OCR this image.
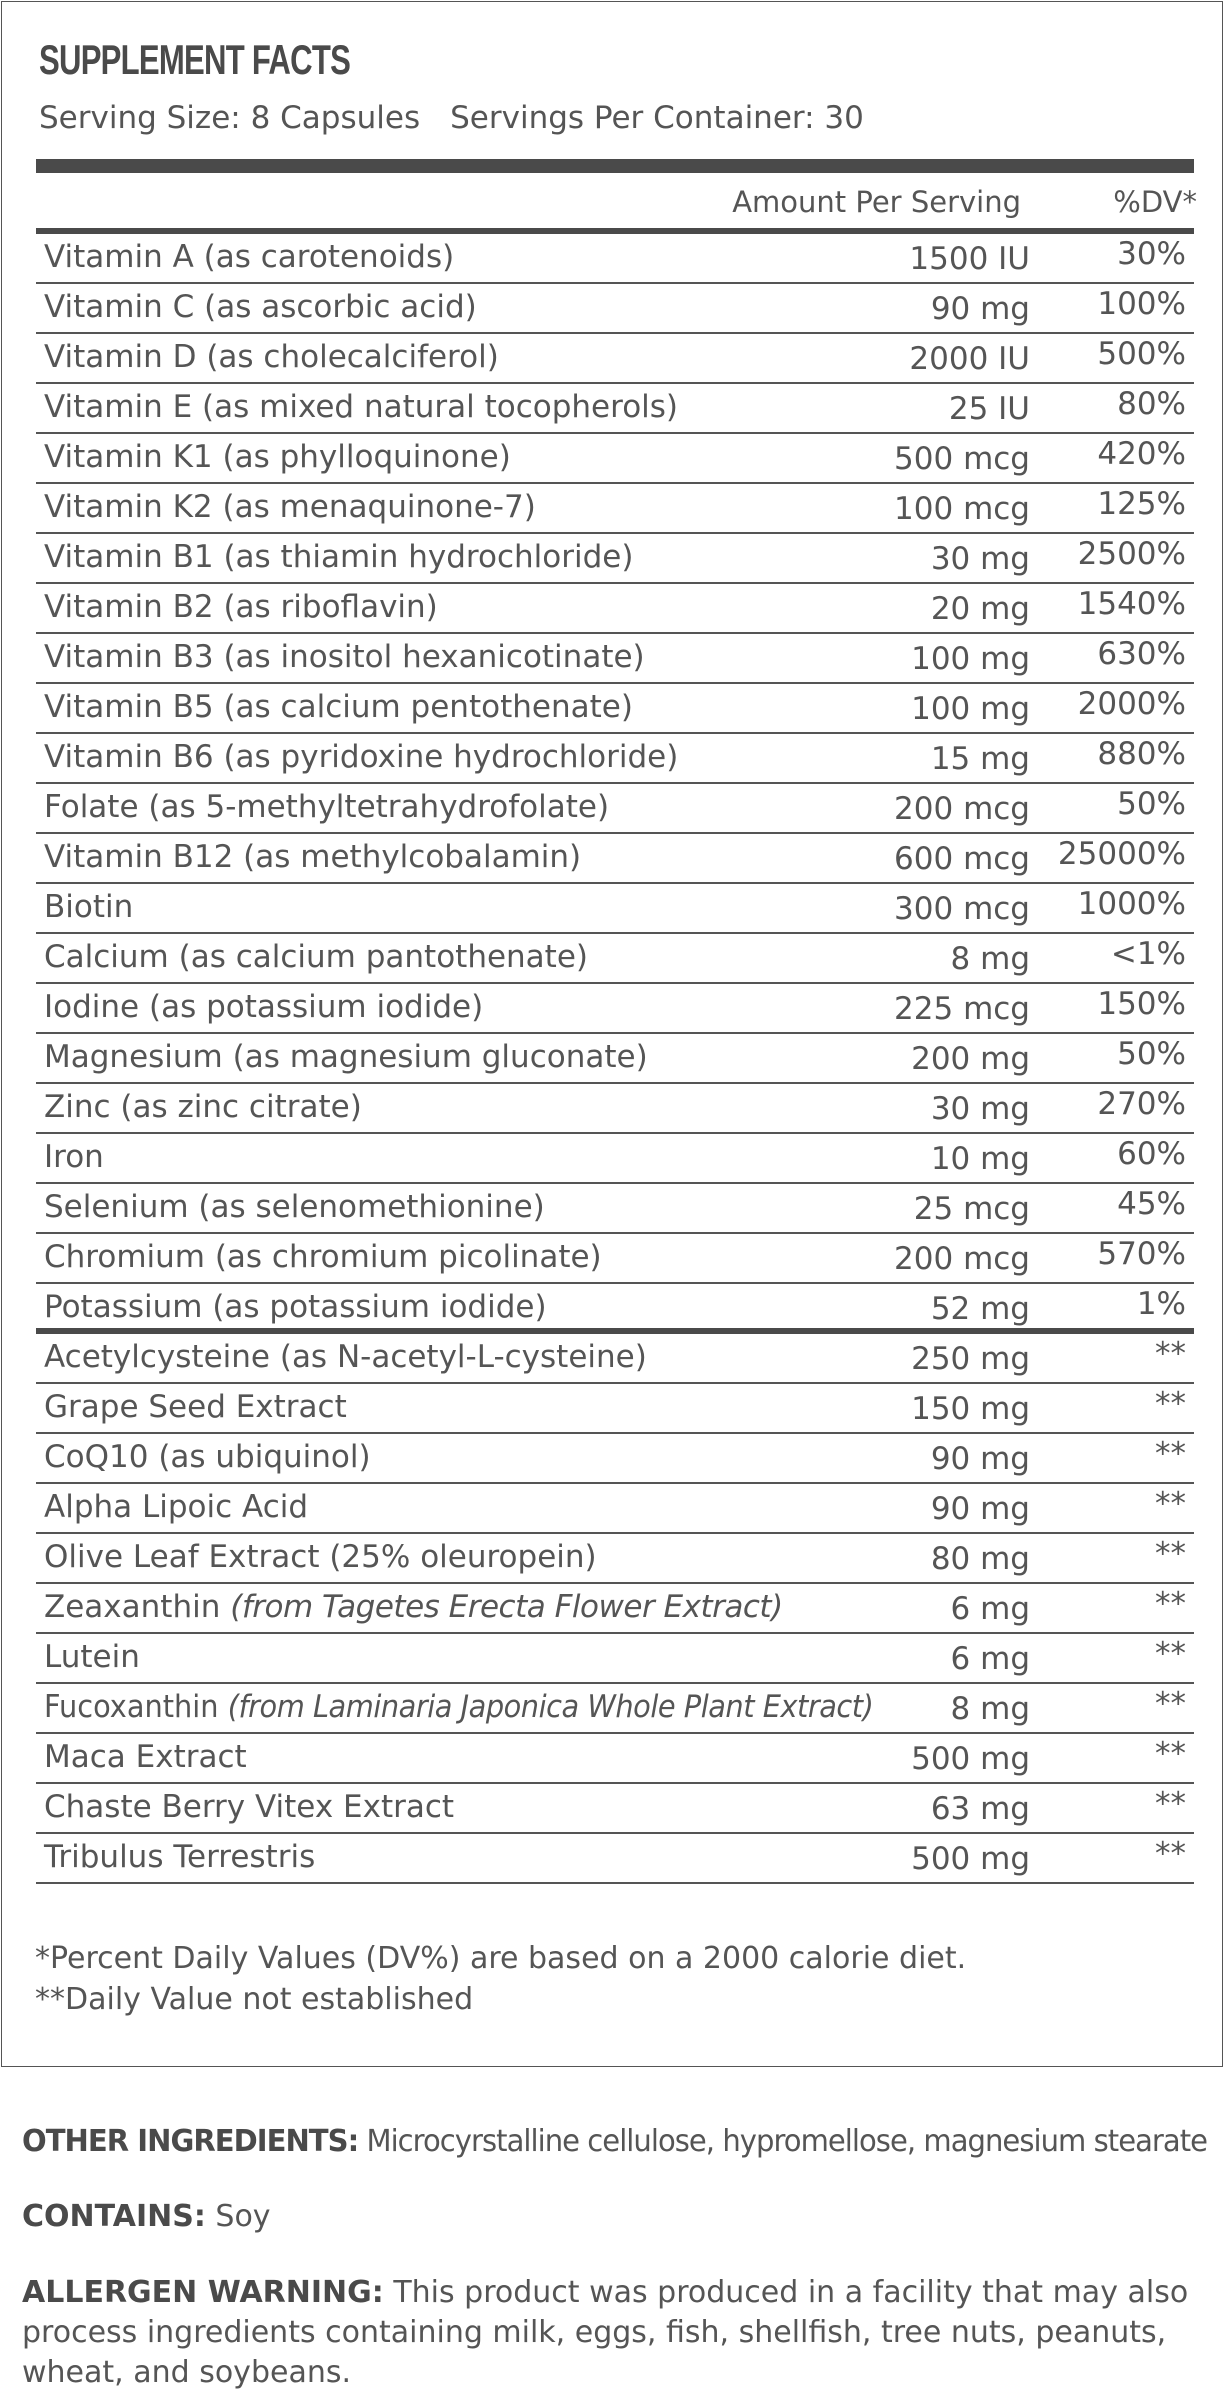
SUPPLEMENT FACTS
Serving Size: 8 Capsules Servings Per Container: 30
Amount Per Serving	%DV*
Vitamin A (as carotenoids)	1500 IU	30%
Vitamin C (as ascorbic acid)	90 mg 100%
Vitamin D (as cholecalciferol)	2000 IU 500%
Vitamin E (as mixed natural tocopherols)	25 IU	80%
Vitamin K1 (as phylloquinone)	500 mcg 420%
Vitamin K2 (as menaquinone-7)	100 mcg 125%
Vitamin B1 (as thiamin hydrochloride)	30 mg 2500%
Vitamin B2 (as riboflavin)	20 mg 1540%
Vitamin B3 (as inositol hexanicotinate)	100 mg 630%
Vitamin B5 (as calcium pentothenate)	100 mg 2000%
Vitamin B6 (as pyridoxine hydrochloride)	15 mg 880%
Folate (as 5-methyltetrahydrofolate)	200 mcg	50%
Vitamin B12 (as methylcobalamin)	600 mcg 25000%
Biotin	300 mcg 1000%
Calcium (as calcium pantothenate)	8 mg	<1%
Iodine (as potassium iodide)	225 mcg 150%
Magnesium (as magnesium gluconate)	200 mg	50%
Zinc (as zinc citrate)	30 mg 270%
Iron	10 mg	60%
Selenium (as selenomethionine)	25 mcg	45%
Chromium (as chromium picolinate)	200 mcg 570%
Potassium (as potassium iodide)	52 mg	1%
Acetylcysteine (as N-acetyl-L-cysteine)	250 mg	**
Grape Seed Extract	150 mg	**
CoQ10 (as ubiquinol)	90 mg	**
Alpha Lipoic Acid	90 mg	**
Olive Leaf Extract (25% oleuropein)	80 mg	**
Zeaxanthin (from Tagetes Erecta Flower Extract)	6 mg	**
Lutein	6 mg	**
Fucoxanthin (from Laminaria Japonica Whole Plant Extract) 8 mg	**
Maca Extract	500 mg	**
Chaste Berry Vitex Extract	63 mg	**
Tribulus Terrestris	500 mg	**
*Percent Daily Values (DV%) are based on a 2000 calorie diet.
**Daily Value not established
OTHER INGREDIENTS: Microcyrstalline cellulose, hypromellose, magnesium stearate
CONTAINS: Soy
ALLERGEN WARNING: This product was produced in a facility that may also process ingredients containing milk, eggs, fish, shellfish, tree nuts, peanuts, wheat, and soybeans.
